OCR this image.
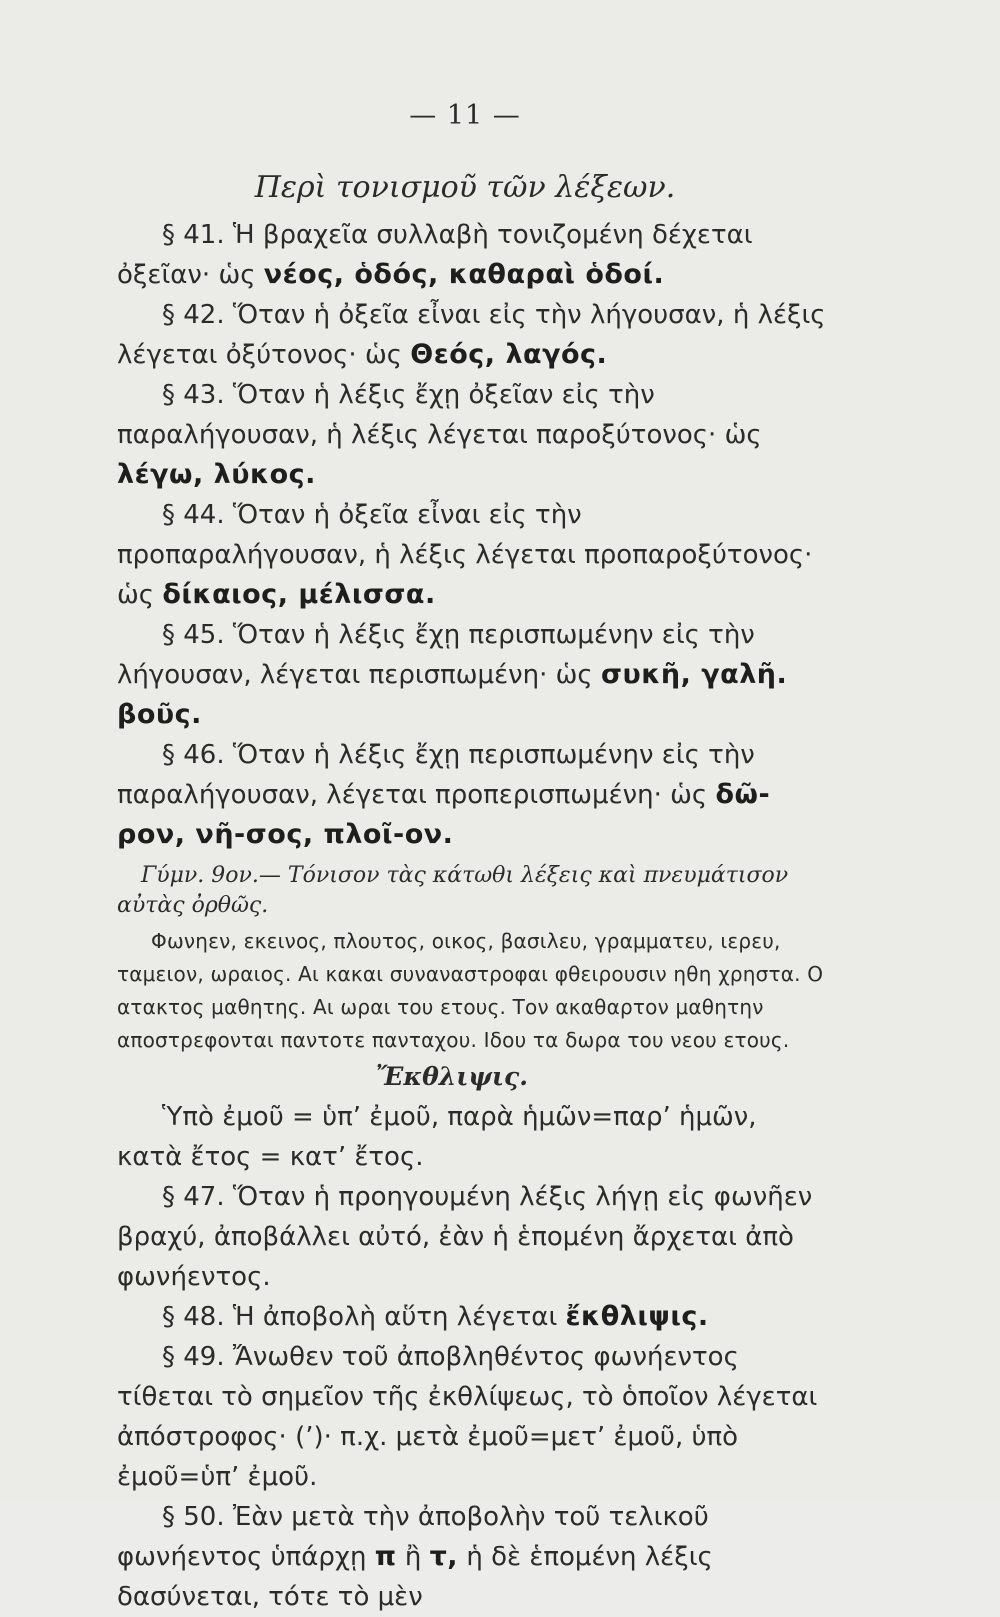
— 11 —
Περὶ τονισμοῦ τῶν λέξεων.

§ 41. Ἡ βραχεῖα συλλαβὴ τονιζομένη δέχεται ὀξεῖαν· ὡς νέος, ὁδός, καθαραὶ ὁδοί.

§ 42. Ὅταν ἡ ὀξεῖα εἶναι εἰς τὴν λήγουσαν, ἡ λέξις λέγεται ὀξύτονος· ὡς Θεός, λαγός.

§ 43. Ὅταν ἡ λέξις ἔχῃ ὀξεῖαν εἰς τὴν παραλήγουσαν, ἡ λέξις λέγεται παροξύτονος· ὡς λέγω, λύκος.

§ 44. Ὅταν ἡ ὀξεῖα εἶναι εἰς τὴν προπαραλήγουσαν, ἡ λέξις λέγεται προπαροξύτονος· ὡς δίκαιος, μέλισσα.

§ 45. Ὅταν ἡ λέξις ἔχῃ περισπωμένην εἰς τὴν λήγουσαν, λέγεται περισπωμένη· ὡς συκῆ, γαλῆ. βοῦς.

§ 46. Ὅταν ἡ λέξις ἔχῃ περισπωμένην εἰς τὴν παραλήγουσαν, λέγεται προπερισπωμένη· ὡς δῶ-ρον, νῆ-σος, πλοῖ-ον.

Γύμν. 9ον.— Τόνισον τὰς κάτωθι λέξεις καὶ πνευμάτισον αὐτὰς ὀρθῶς.

Φωνηεν, εκεινος, πλουτος, οικος, βασιλευ, γραμματευ, ιερευ, ταμειον, ωραιος. Αι κακαι συναναστροφαι φθειρουσιν ηθη χρηστα. Ο ατακτος μαθητης. Αι ωραι του ετους. Τον ακαθαρτον μαθητην αποστρεφονται παντοτε πανταχου. Ιδου τα δωρα του νεου ετους.

Ἔκθλιψις.

Ὑπὸ ἐμοῦ = ὑπ’ ἐμοῦ, παρὰ ἡμῶν=παρ’ ἡμῶν, κατὰ ἔτος = κατ’ ἔτος.

§ 47. Ὅταν ἡ προηγουμένη λέξις λήγῃ εἰς φωνῆεν βραχύ, ἀποβάλλει αὐτό, ἐὰν ἡ ἑπομένη ἄρχεται ἀπὸ φωνήεντος.

§ 48. Ἡ ἀποβολὴ αὕτη λέγεται ἔκθλιψις.

§ 49. Ἄνωθεν τοῦ ἀποβληθέντος φωνήεντος τίθεται τὸ σημεῖον τῆς ἐκθλίψεως, τὸ ὁποῖον λέγεται ἀπόστροφος· (’)· π.χ. μετὰ ἐμοῦ=μετ’ ἐμοῦ, ὑπὸ ἐμοῦ=ὑπ’ ἐμοῦ.

§ 50. Ἐὰν μετὰ τὴν ἀποβολὴν τοῦ τελικοῦ φωνήεντος ὑπάρχῃ π ἢ τ, ἡ δὲ ἑπομένη λέξις δασύνεται, τότε τὸ μὲν
